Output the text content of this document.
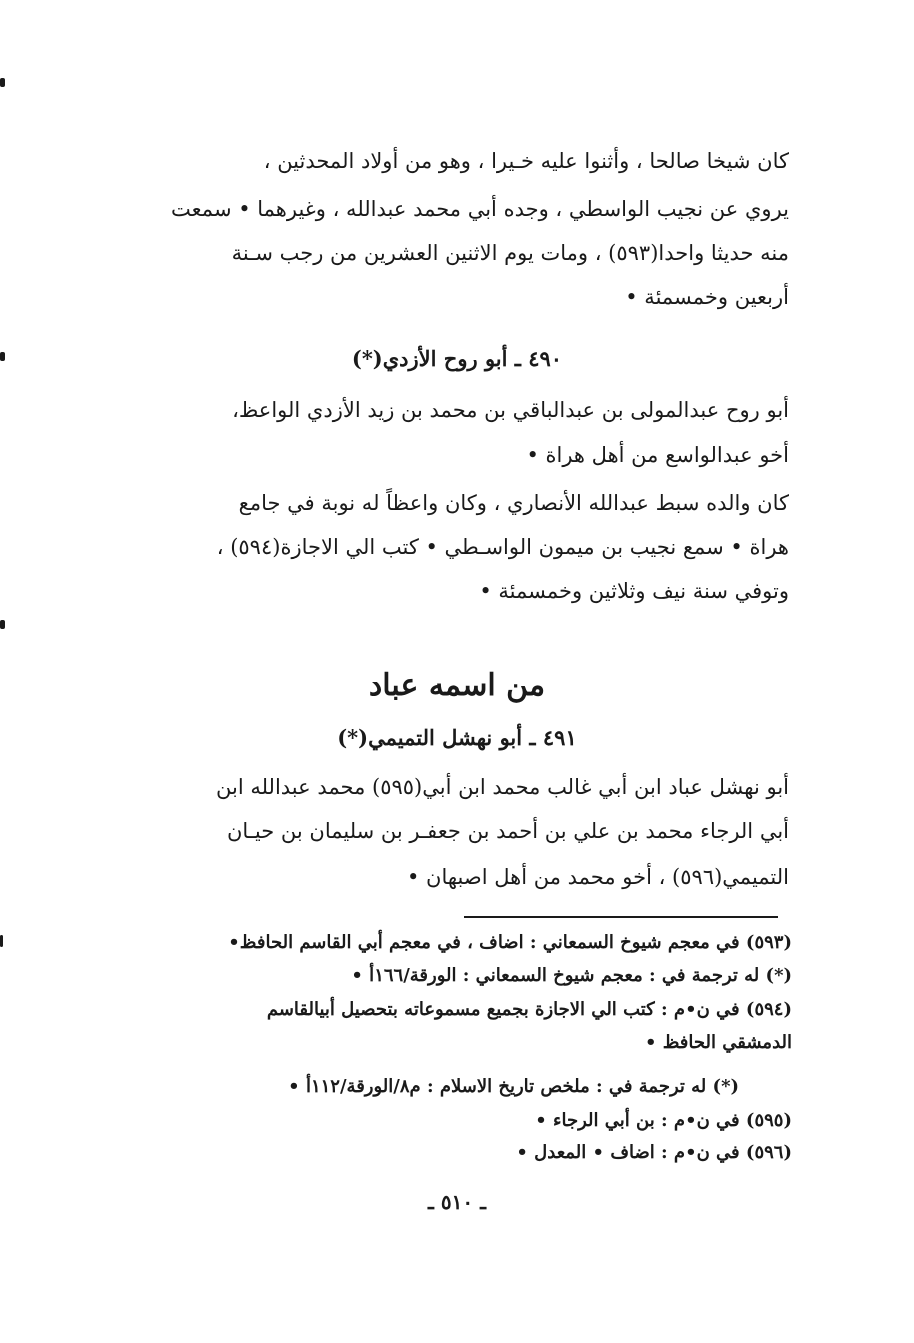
كان شيخا صالحا ، وأثنوا عليه خـيرا ، وهو من أولاد المحدثين ،
يروي عن نجيب الواسطي ، وجده أبي محمد عبدالله ، وغيرهما • سمعت
منه حديثا واحدا(٥٩٣) ، ومات يوم الاثنين العشرين من رجب سـنة
أربعين وخمسمئة •
٤٩٠ ـ أبو روح الأزدي(*)
أبو روح عبدالمولى بن عبدالباقي بن محمد بن زيد الأزدي الواعظ،
أخو عبدالواسع من أهل هراة •
كان والده سبط عبدالله الأنصاري ، وكان واعظاً له نوبة في جامع
هراة • سمع نجيب بن ميمون الواسـطي • كتب الي الاجازة(٥٩٤) ،
وتوفي سنة نيف وثلاثين وخمسمئة •
من اسمه عباد
٤٩١ ـ أبو نهشل التميمي(*)
أبو نهشل عباد ابن أبي غالب محمد ابن أبي(٥٩٥) محمد عبدالله ابن
أبي الرجاء محمد بن علي بن أحمد بن جعفـر بن سليمان بن حيـان
التميمي(٥٩٦) ، أخو محمد من أهل اصبهان •
(٥٩٣) في معجم شيوخ السمعاني : اضاف ، في معجم أبي القاسم الحافظ•
(*) له ترجمة في : معجم شيوخ السمعاني : الورقة/١٦٦أ •
(٥٩٤) في ن•م : كتب الي الاجازة بجميع مسموعاته بتحصيل أبيالقاسم
الدمشقي الحافظ •
(*) له ترجمة في : ملخص تاريخ الاسلام : م٨/الورقة/١١٢أ •
(٥٩٥) في ن•م : بن أبي الرجاء •
(٥٩٦) في ن•م : اضاف • المعدل •
ـ ٥١٠ ـ
